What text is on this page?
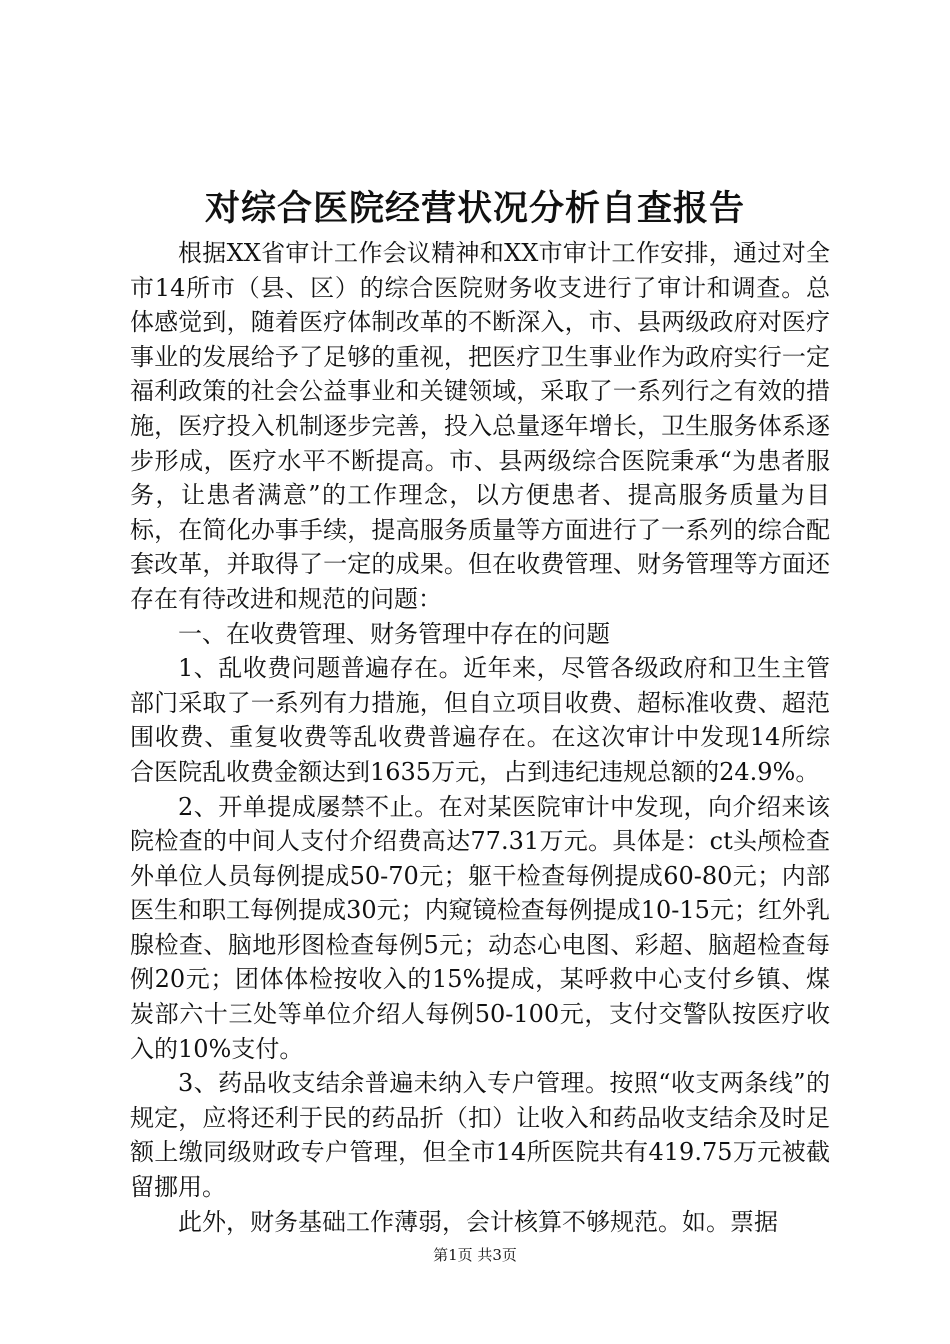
对综合医院经营状况分析自查报告

根据XX省审计工作会议精神和XX市审计工作安排，通过对全市14所市（县、区）的综合医院财务收支进行了审计和调查。总体感觉到，随着医疗体制改革的不断深入，市、县两级政府对医疗事业的发展给予了足够的重视，把医疗卫生事业作为政府实行一定福利政策的社会公益事业和关键领域，采取了一系列行之有效的措施，医疗投入机制逐步完善，投入总量逐年增长，卫生服务体系逐步形成，医疗水平不断提高。市、县两级综合医院秉承“为患者服务，让患者满意”的工作理念，以方便患者、提高服务质量为目标，在简化办事手续，提高服务质量等方面进行了一系列的综合配套改革，并取得了一定的成果。但在收费管理、财务管理等方面还存在有待改进和规范的问题：

一、在收费管理、财务管理中存在的问题

1、乱收费问题普遍存在。近年来，尽管各级政府和卫生主管部门采取了一系列有力措施，但自立项目收费、超标准收费、超范围收费、重复收费等乱收费普遍存在。在这次审计中发现14所综合医院乱收费金额达到1635万元，占到违纪违规总额的24.9%。

2、开单提成屡禁不止。在对某医院审计中发现，向介绍来该院检查的中间人支付介绍费高达77.31万元。具体是：ct头颅检查外单位人员每例提成50-70元；躯干检查每例提成60-80元；内部医生和职工每例提成30元；内窥镜检查每例提成10-15元；红外乳腺检查、脑地形图检查每例5元；动态心电图、彩超、脑超检查每例20元；团体体检按收入的15%提成，某呼救中心支付乡镇、煤炭部六十三处等单位介绍人每例50-100元，支付交警队按医疗收入的10%支付。

3、药品收支结余普遍未纳入专户管理。按照“收支两条线”的规定，应将还利于民的药品折（扣）让收入和药品收支结余及时足额上缴同级财政专户管理，但全市14所医院共有419.75万元被截留挪用。

此外，财务基础工作薄弱，会计核算不够规范。如。票据

第1页 共3页
